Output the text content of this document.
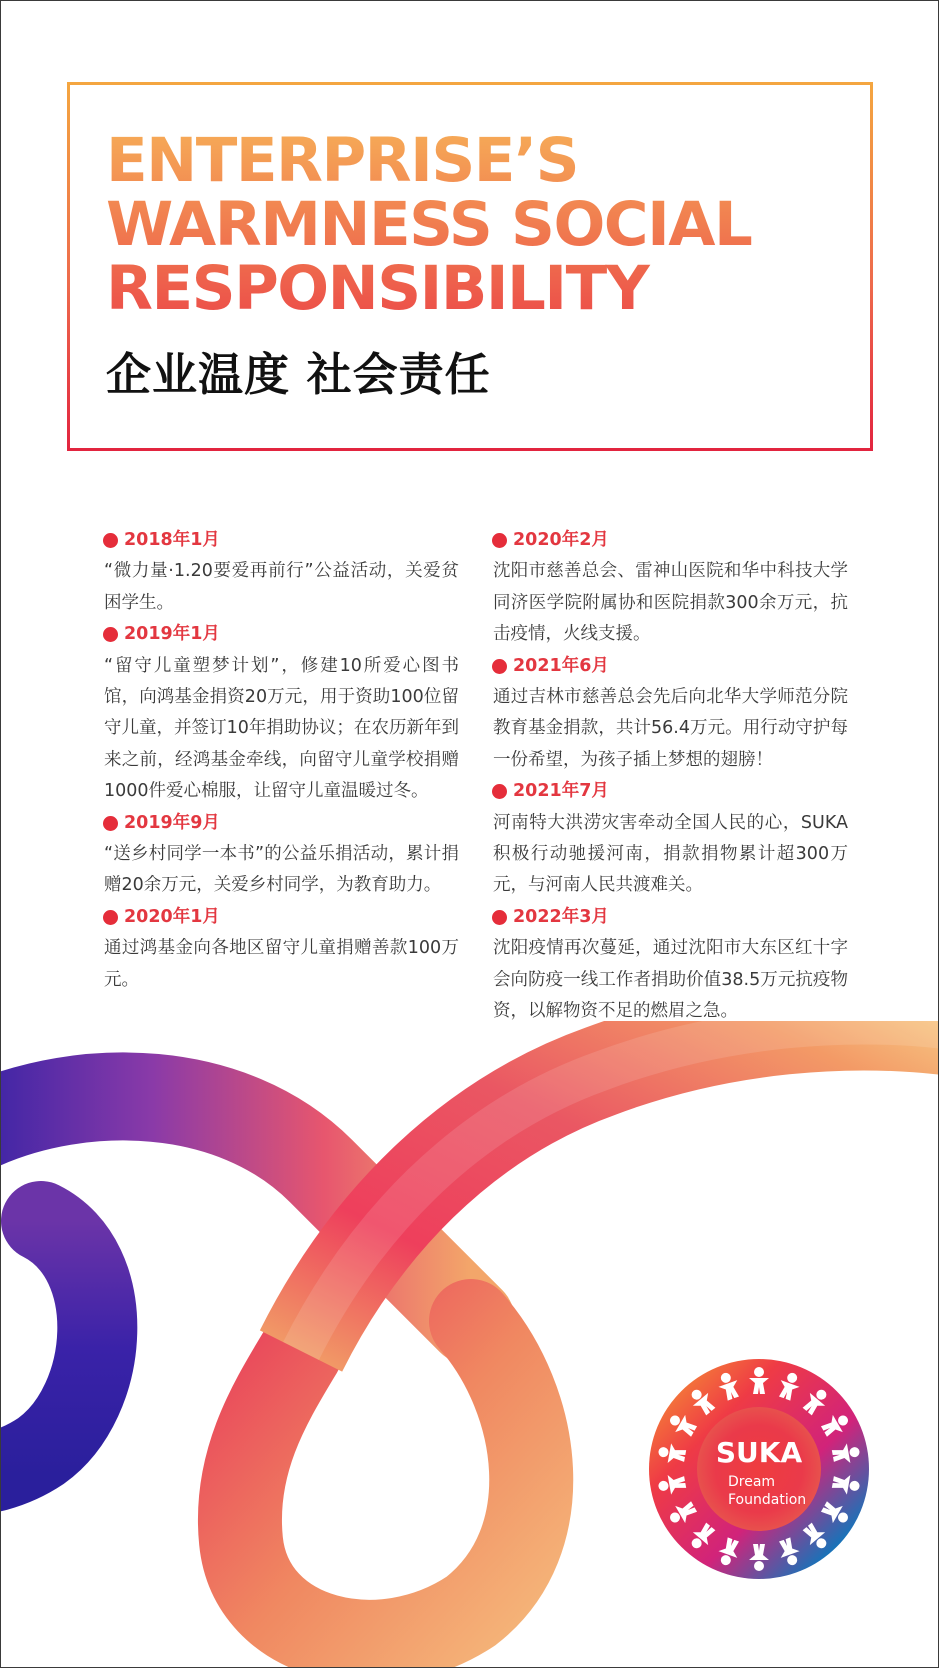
ENTERPRISE’S
WARMNESS SOCIAL
RESPONSIBILITY
企业温度 社会责任
2018年1月
“微力量·1.20要爱再前行”公益活动，关爱贫困学生。
2019年1月
“留守儿童塑梦计划”，修建10所爱心图书馆，向鸿基金捐资20万元，用于资助100位留守儿童，并签订10年捐助协议；在农历新年到来之前，经鸿基金牵线，向留守儿童学校捐赠1000件爱心棉服，让留守儿童温暖过冬。
2019年9月
“送乡村同学一本书”的公益乐捐活动，累计捐赠20余万元，关爱乡村同学，为教育助力。
2020年1月
通过鸿基金向各地区留守儿童捐赠善款100万元。
2020年2月
沈阳市慈善总会、雷神山医院和华中科技大学同济医学院附属协和医院捐款300余万元，抗击疫情，火线支援。
2021年6月
通过吉林市慈善总会先后向北华大学师范分院教育基金捐款，共计56.4万元。用行动守护每一份希望，为孩子插上梦想的翅膀！
2021年7月
河南特大洪涝灾害牵动全国人民的心，SUKA积极行动驰援河南，捐款捐物累计超300万元，与河南人民共渡难关。
2022年3月
沈阳疫情再次蔓延，通过沈阳市大东区红十字会向防疫一线工作者捐助价值38.5万元抗疫物资，以解物资不足的燃眉之急。
SUKA
Dream
Foundation
